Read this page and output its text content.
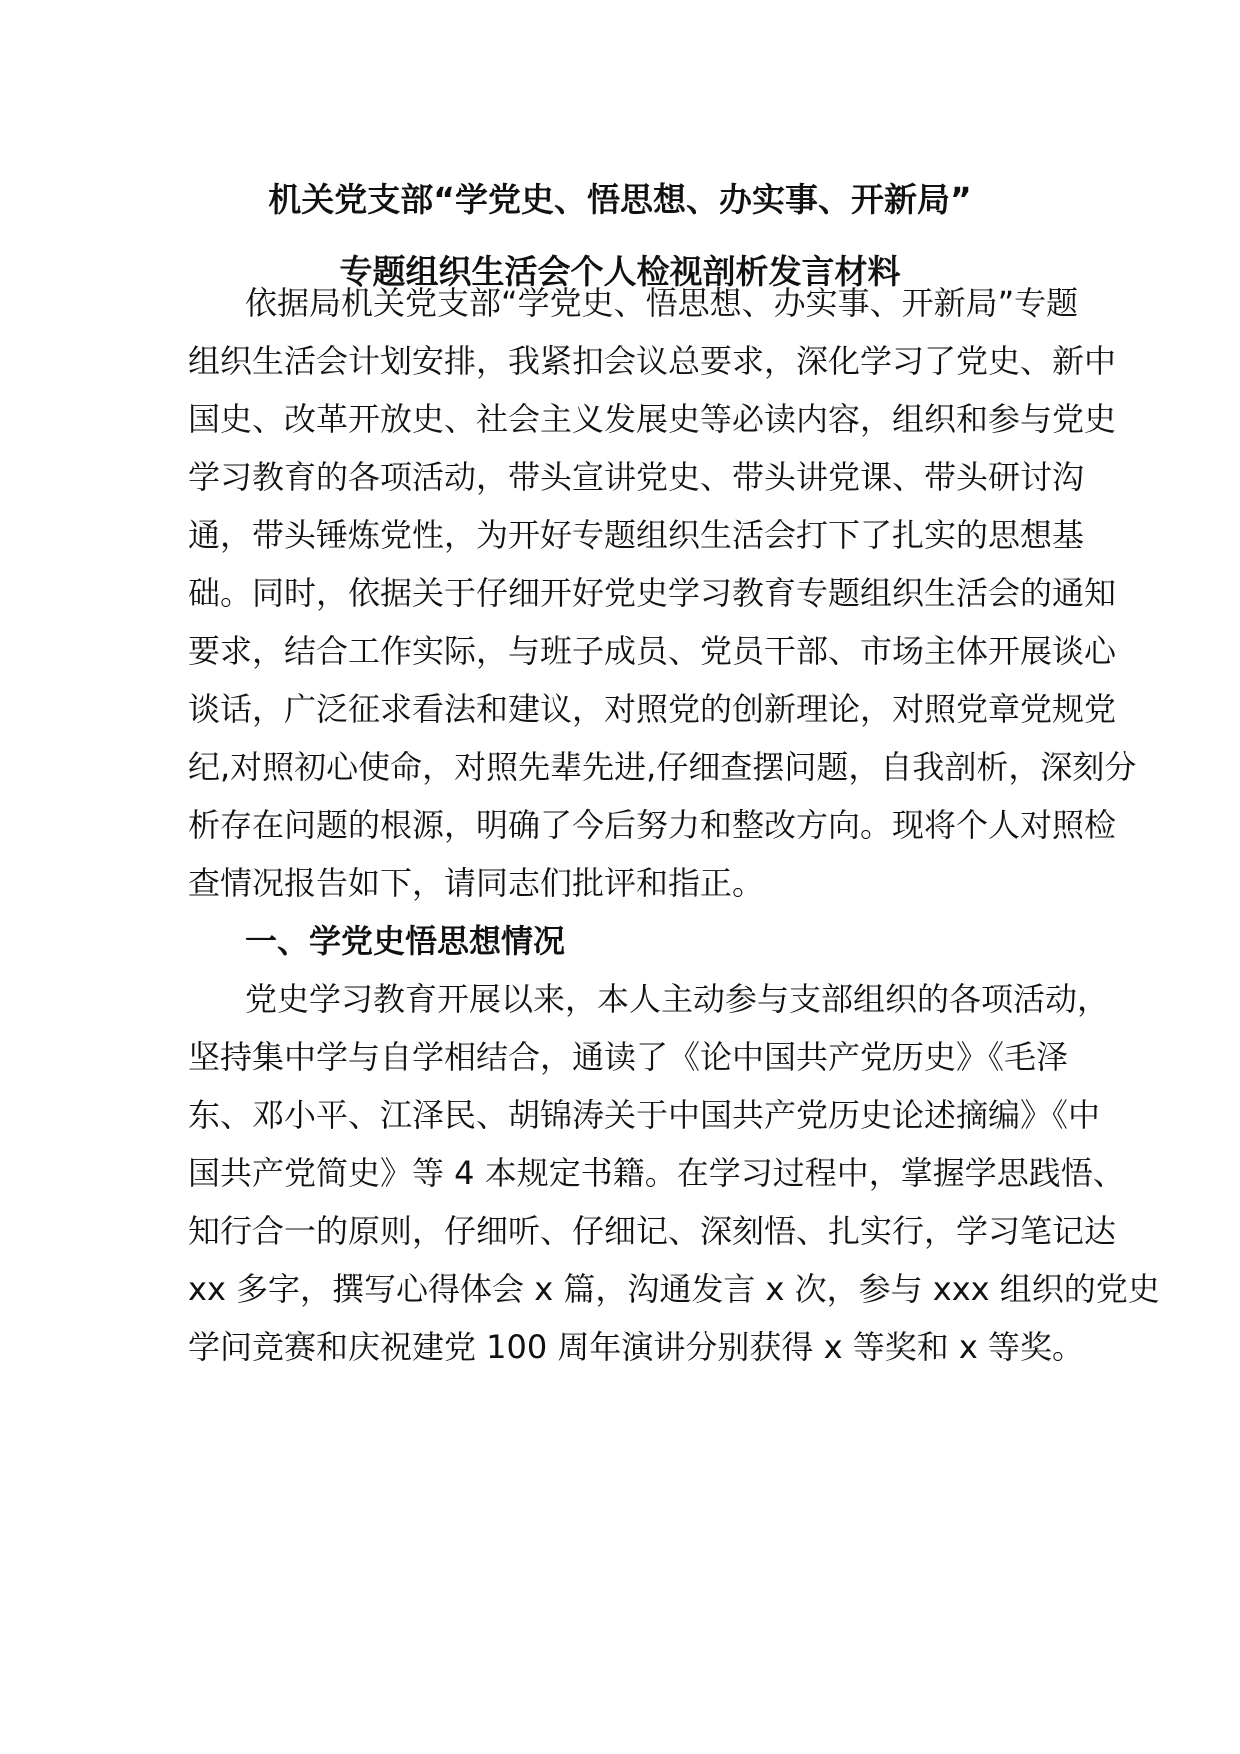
机关党支部“学党史、悟思想、办实事、开新局”
专题组织生活会个人检视剖析发言材料
依据局机关党支部“学党史、悟思想、办实事、开新局”专题
组织生活会计划安排，我紧扣会议总要求，深化学习了党史、新中
国史、改革开放史、社会主义发展史等必读内容，组织和参与党史
学习教育的各项活动，带头宣讲党史、带头讲党课、带头研讨沟
通，带头锤炼党性，为开好专题组织生活会打下了扎实的思想基
础。同时，依据关于仔细开好党史学习教育专题组织生活会的通知
要求，结合工作实际，与班子成员、党员干部、市场主体开展谈心
谈话，广泛征求看法和建议，对照党的创新理论，对照党章党规党
纪,对照初心使命，对照先辈先进,仔细查摆问题，自我剖析，深刻分
析存在问题的根源，明确了今后努力和整改方向。现将个人对照检
查情况报告如下，请同志们批评和指正。
一、学党史悟思想情况
党史学习教育开展以来，本人主动参与支部组织的各项活动，
坚持集中学与自学相结合，通读了《论中国共产党历史》《毛泽
东、邓小平、江泽民、胡锦涛关于中国共产党历史论述摘编》《中
国共产党简史》等 4 本规定书籍。在学习过程中，掌握学思践悟、
知行合一的原则，仔细听、仔细记、深刻悟、扎实行，学习笔记达
xx 多字，撰写心得体会 x 篇，沟通发言 x 次，参与 xxx 组织的党史
学问竞赛和庆祝建党 100 周年演讲分别获得 x 等奖和 x 等奖。
